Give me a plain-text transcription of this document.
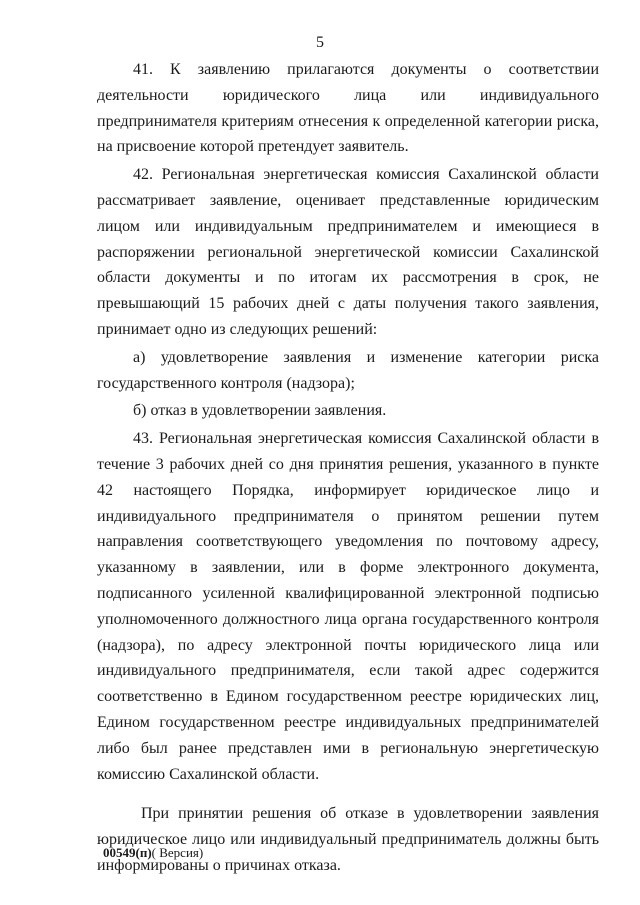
5

41. К заявлению прилагаются документы о соответствии деятельности юридического лица или индивидуального предпринимателя критериям отнесения к определенной категории риска, на присвоение которой претендует заявитель.

42. Региональная энергетическая комиссия Сахалинской области рассматривает заявление, оценивает представленные юридическим лицом или индивидуальным предпринимателем и имеющиеся в распоряжении региональной энергетической комиссии Сахалинской области документы и по итогам их рассмотрения в срок, не превышающий 15 рабочих дней с даты получения такого заявления, принимает одно из следующих решений:

а) удовлетворение заявления и изменение категории риска государственного контроля (надзора);

б) отказ в удовлетворении заявления.

43. Региональная энергетическая комиссия Сахалинской области в течение 3 рабочих дней со дня принятия решения, указанного в пункте 42 настоящего Порядка, информирует юридическое лицо и индивидуального предпринимателя о принятом решении путем направления соответствующего уведомления по почтовому адресу, указанному в заявлении, или в форме электронного документа, подписанного усиленной квалифицированной электронной подписью уполномоченного должностного лица органа государственного контроля (надзора), по адресу электронной почты юридического лица или индивидуального предпринимателя, если такой адрес содержится соответственно в Едином государственном реестре юридических лиц, Едином государственном реестре индивидуальных предпринимателей либо был ранее представлен ими в региональную энергетическую комиссию Сахалинской области.

При принятии решения об отказе в удовлетворении заявления юридическое лицо или индивидуальный предприниматель должны быть информированы о причинах отказа.

00549(п)( Версия)
